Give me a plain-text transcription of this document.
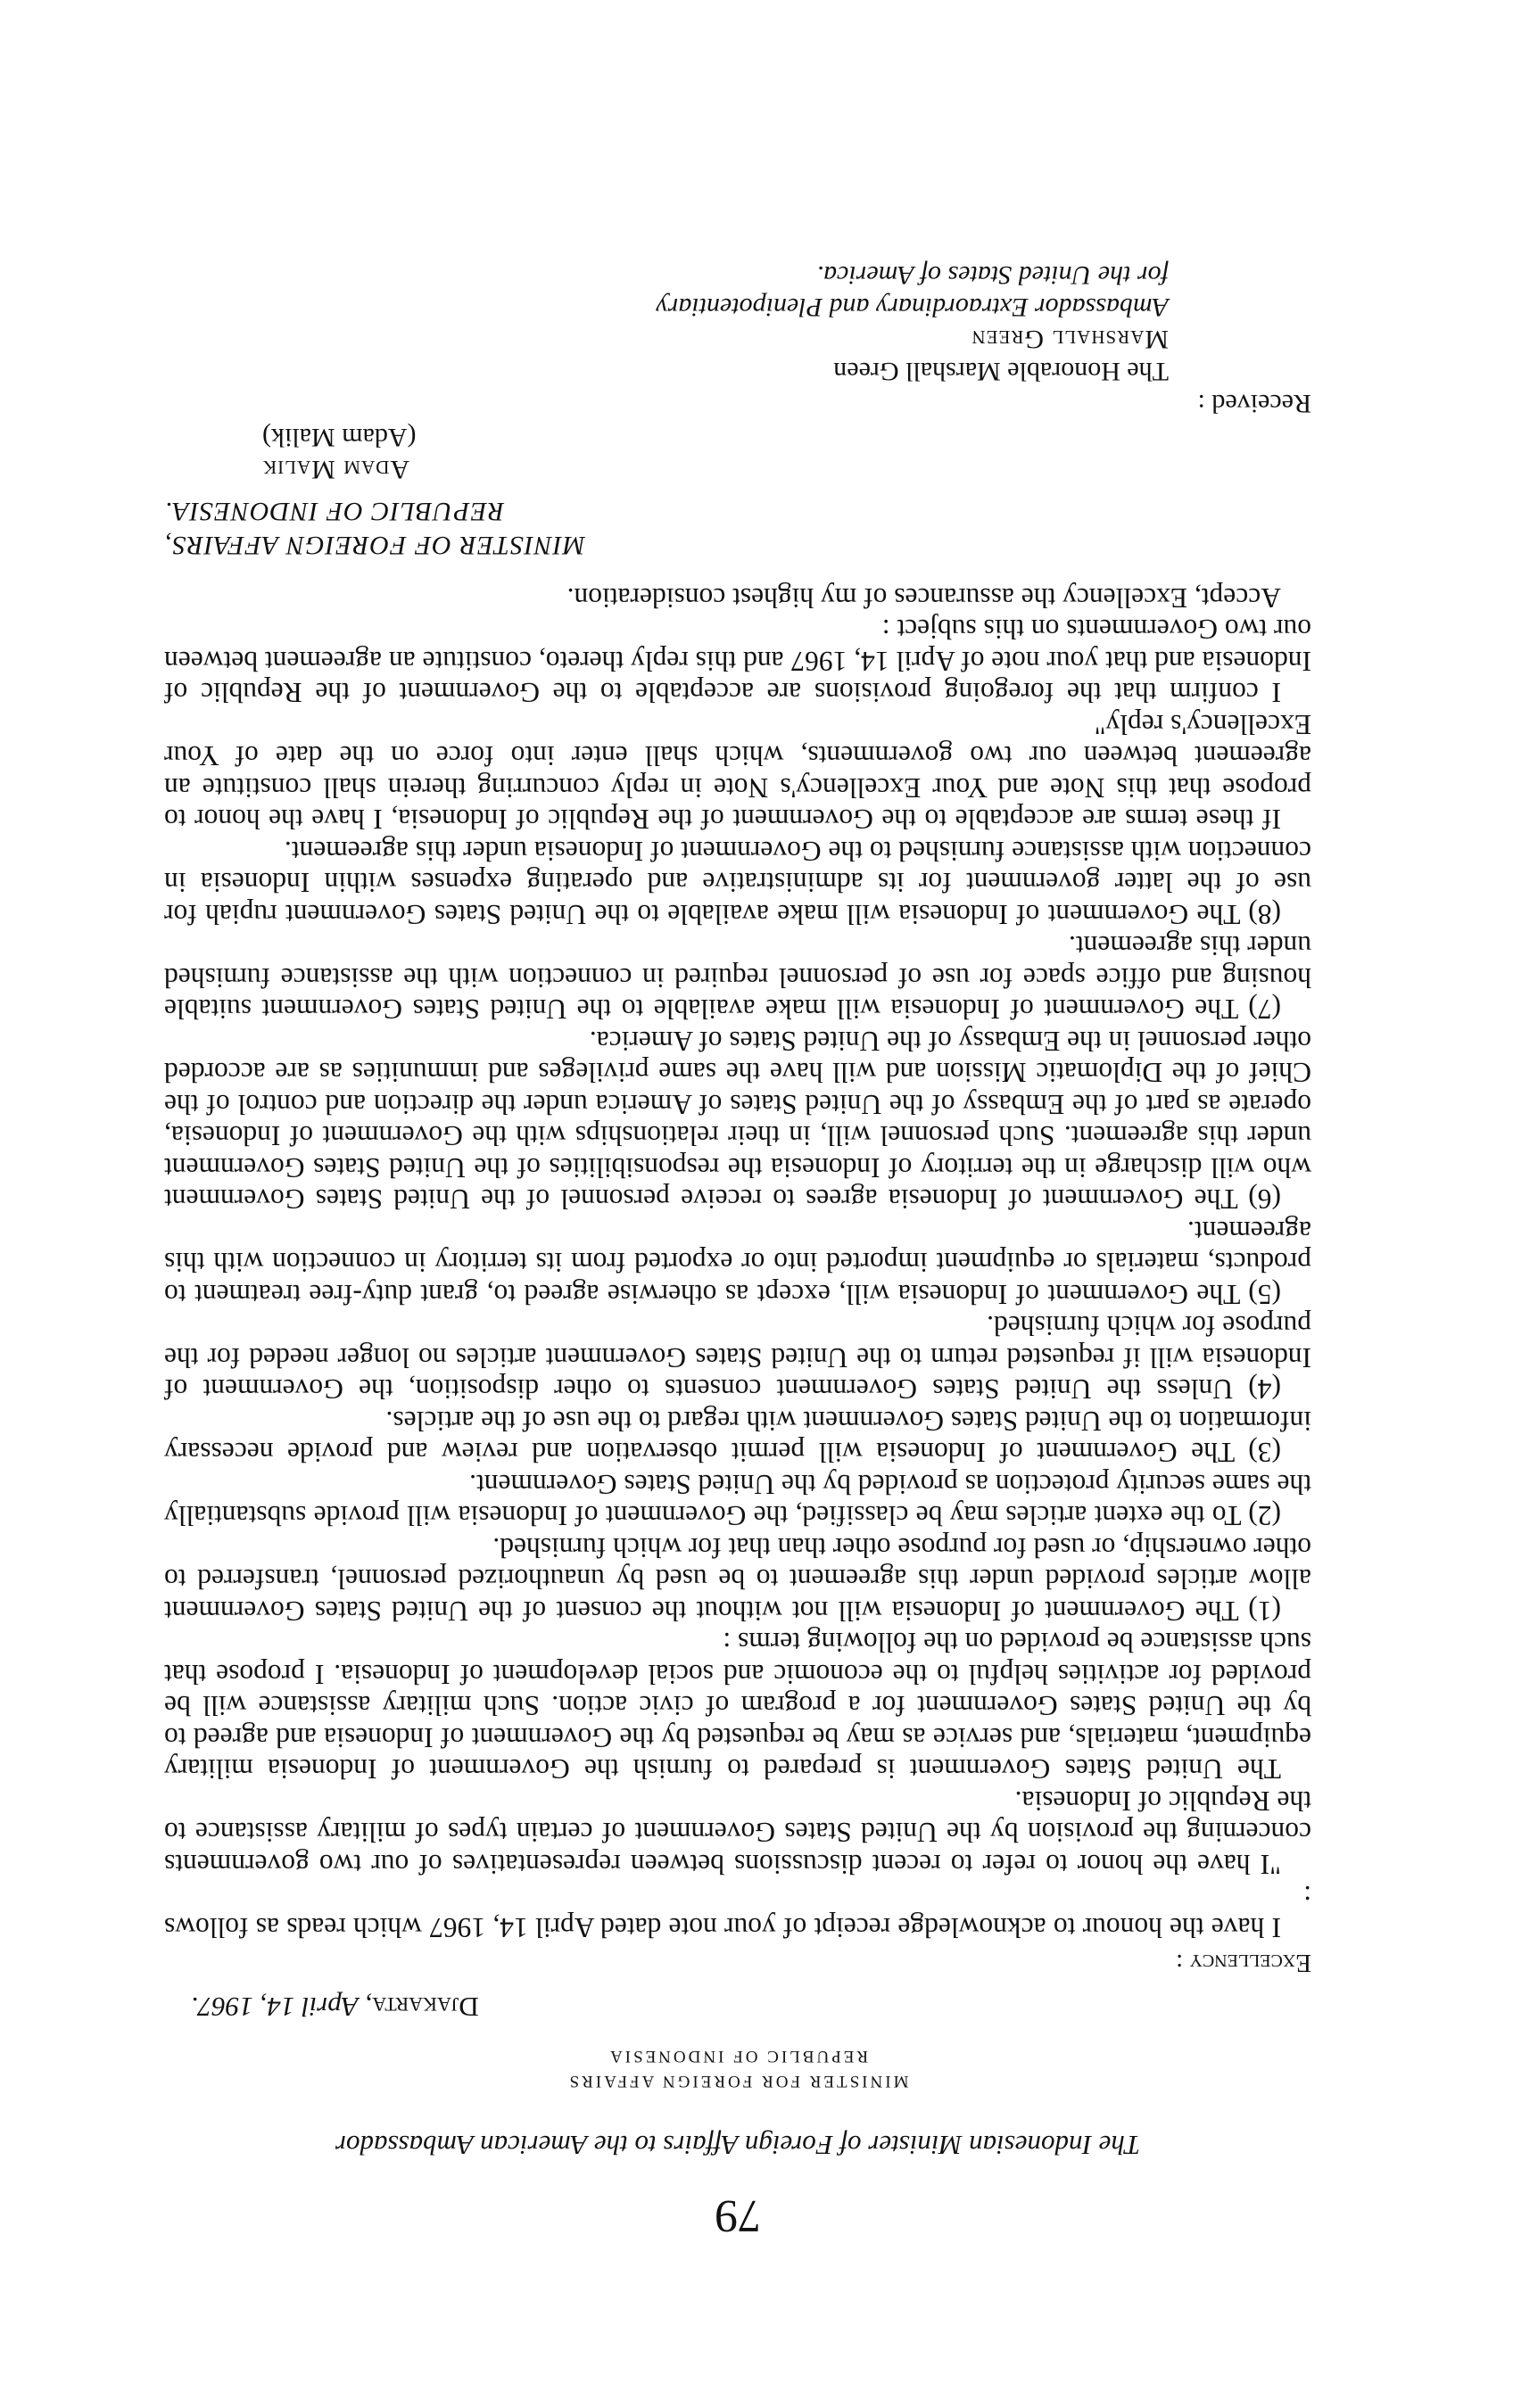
79
The Indonesian Minister of Foreign Affairs to the American Ambassador
MINISTER FOR FOREIGN AFFAIRS
REPUBLIC OF INDONESIA
Djakarta, April 14, 1967.
Excellency :

I have the honour to acknowledge receipt of your note dated April 14, 1967 which reads as follows :

"I have the honor to refer to recent discussions between representatives of our two governments concerning the provision by the United States Government of certain types of military assistance to the Republic of Indonesia.

The United States Government is prepared to furnish the Government of Indonesia military equipment, materials, and service as may be requested by the Government of Indonesia and agreed to by the United States Government for a program of civic action. Such military assistance will be provided for activities helpful to the economic and social development of Indonesia. I propose that such assistance be provided on the following terms :

(1) The Government of Indonesia will not without the consent of the United States Government allow articles provided under this agreement to be used by unauthorized personnel, transferred to other ownership, or used for purpose other than that for which furnished.

(2) To the extent articles may be classified, the Government of Indonesia will provide substantially the same security protection as provided by the United States Government.

(3) The Government of Indonesia will permit observation and review and provide necessary information to the United States Government with regard to the use of the articles.

(4) Unless the United States Government consents to other disposition, the Government of Indonesia will if requested return to the United States Government articles no longer needed for the purpose for which furnished.

(5) The Government of Indonesia will, except as otherwise agreed to, grant duty-free treatment to products, materials or equipment imported into or exported from its territory in connection with this agreement.

(6) The Government of Indonesia agrees to receive personnel of the United States Government who will discharge in the territory of Indonesia the responsibilities of the United States Government under this agreement. Such personnel will, in their relationships with the Government of Indonesia, operate as part of the Embassy of the United States of America under the direction and control of the Chief of the Diplomatic Mission and will have the same privileges and immunities as are accorded other personnel in the Embassy of the United States of America.

(7) The Government of Indonesia will make available to the United States Government suitable housing and office space for use of personnel required in connection with the assistance furnished under this agreement.

(8) The Government of Indonesia will make available to the United States Government rupiah for use of the latter government for its administrative and operating expenses within Indonesia in connection with assistance furnished to the Government of Indonesia under this agreement.

If these terms are acceptable to the Government of the Republic of Indonesia, I have the honor to propose that this Note and Your Excellency's Note in reply concurring therein shall constitute an agreement between our two governments, which shall enter into force on the date of Your Excellency's reply"

I confirm that the foregoing provisions are acceptable to the Government of the Republic of Indonesia and that your note of April 14, 1967 and this reply thereto, constitute an agreement between our two Governments on this subject :

Accept, Excellency the assurances of my highest consideration.

MINISTER OF FOREIGN AFFAIRS,
REPUBLIC OF INDONESIA.
Adam Malik
(Adam Malik)
Received :
The Honorable Marshall Green
Marshall Green
Ambassador Extraordinary and Plenipotentiary
for the United States of America.
